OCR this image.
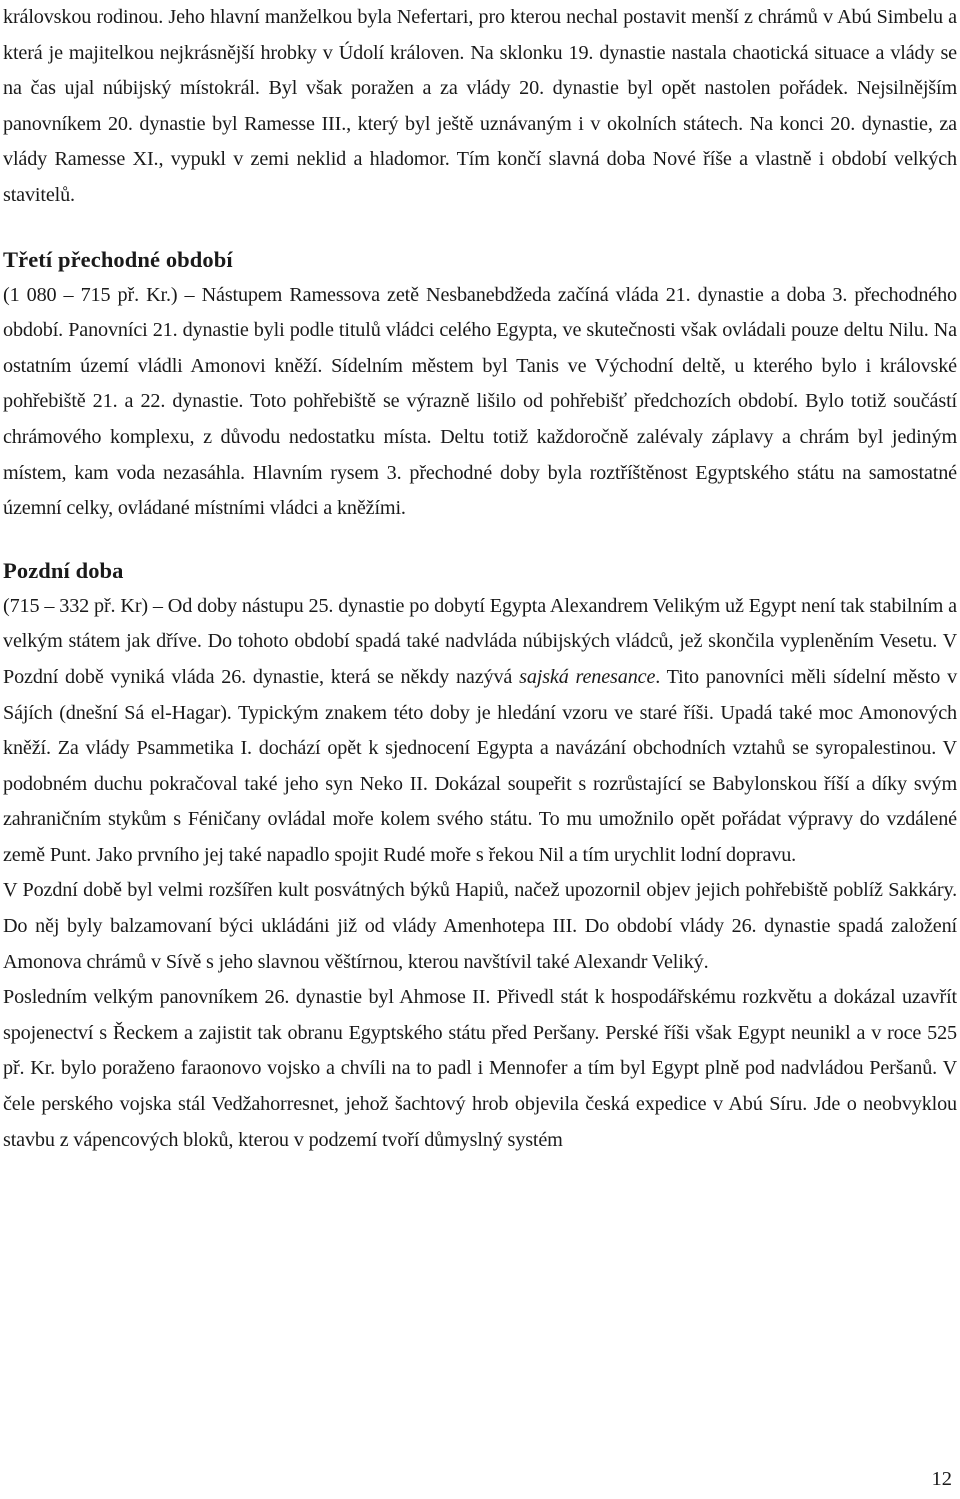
královskou rodinou. Jeho hlavní manželkou byla Nefertari, pro kterou nechal postavit menší z chrámů v Abú Simbelu a která je majitelkou nejkrásnější hrobky v Údolí královen. Na sklonku 19. dynastie nastala chaotická situace a vlády se na čas ujal núbijský místokrál. Byl však poražen a za vlády 20. dynastie byl opět nastolen pořádek. Nejsilnějším panovníkem 20. dynastie byl Ramesse III., který byl ještě uznávaným i v okolních státech. Na konci 20. dynastie, za vlády Ramesse XI., vypukl v zemi neklid a hladomor. Tím končí slavná doba Nové říše a vlastně i období velkých stavitelů.

Třetí přechodné období

(1 080 – 715 př. Kr.) – Nástupem Ramessova zetě Nesbanebdžeda začíná vláda 21. dynastie a doba 3. přechodného období. Panovníci 21. dynastie byli podle titulů vládci celého Egypta, ve skutečnosti však ovládali pouze deltu Nilu. Na ostatním území vládli Amonovi kněží. Sídelním městem byl Tanis ve Východní deltě, u kterého bylo i královské pohřebiště 21. a 22. dynastie. Toto pohřebiště se výrazně lišilo od pohřebišť předchozích období. Bylo totiž součástí chrámového komplexu, z důvodu nedostatku místa. Deltu totiž každoročně zalévaly záplavy a chrám byl jediným místem, kam voda nezasáhla. Hlavním rysem 3. přechodné doby byla roztříštěnost Egyptského státu na samostatné územní celky, ovládané místními vládci a kněžími.

Pozdní doba

(715 – 332 př. Kr) – Od doby nástupu 25. dynastie po dobytí Egypta Alexandrem Velikým už Egypt není tak stabilním a velkým státem jak dříve. Do tohoto období spadá také nadvláda núbijských vládců, jež skončila vypleněním Vesetu. V Pozdní době vyniká vláda 26. dynastie, která se někdy nazývá sajská renesance. Tito panovníci měli sídelní město v Sájích (dnešní Sá el-Hagar). Typickým znakem této doby je hledání vzoru ve staré říši. Upadá také moc Amonových kněží. Za vlády Psammetika I. dochází opět k sjednocení Egypta a navázání obchodních vztahů se syropalestinou. V podobném duchu pokračoval také jeho syn Neko II. Dokázal soupeřit s rozrůstající se Babylonskou říší a díky svým zahraničním stykům s Féničany ovládal moře kolem svého státu. To mu umožnilo opět pořádat výpravy do vzdálené země Punt. Jako prvního jej také napadlo spojit Rudé moře s řekou Nil a tím urychlit lodní dopravu.

V Pozdní době byl velmi rozšířen kult posvátných býků Hapiů, načež upozornil objev jejich pohřebiště poblíž Sakkáry. Do něj byly balzamovaní býci ukládáni již od vlády Amenhotepa III. Do období vlády 26. dynastie spadá založení Amonova chrámů v Sívě s jeho slavnou věštírnou, kterou navštívil také Alexandr Veliký.

Posledním velkým panovníkem 26. dynastie byl Ahmose II. Přivedl stát k hospodářskému rozkvětu a dokázal uzavřít spojenectví s Řeckem a zajistit tak obranu Egyptského státu před Peršany. Perské říši však Egypt neunikl a v roce 525 př. Kr. bylo poraženo faraonovo vojsko a chvíli na to padl i Mennofer a tím byl Egypt plně pod nadvládou Peršanů. V čele perského vojska stál Vedžahorresnet, jehož šachtový hrob objevila česká expedice v Abú Síru. Jde o neobvyklou stavbu z vápencových bloků, kterou v podzemí tvoří důmyslný systém

12
